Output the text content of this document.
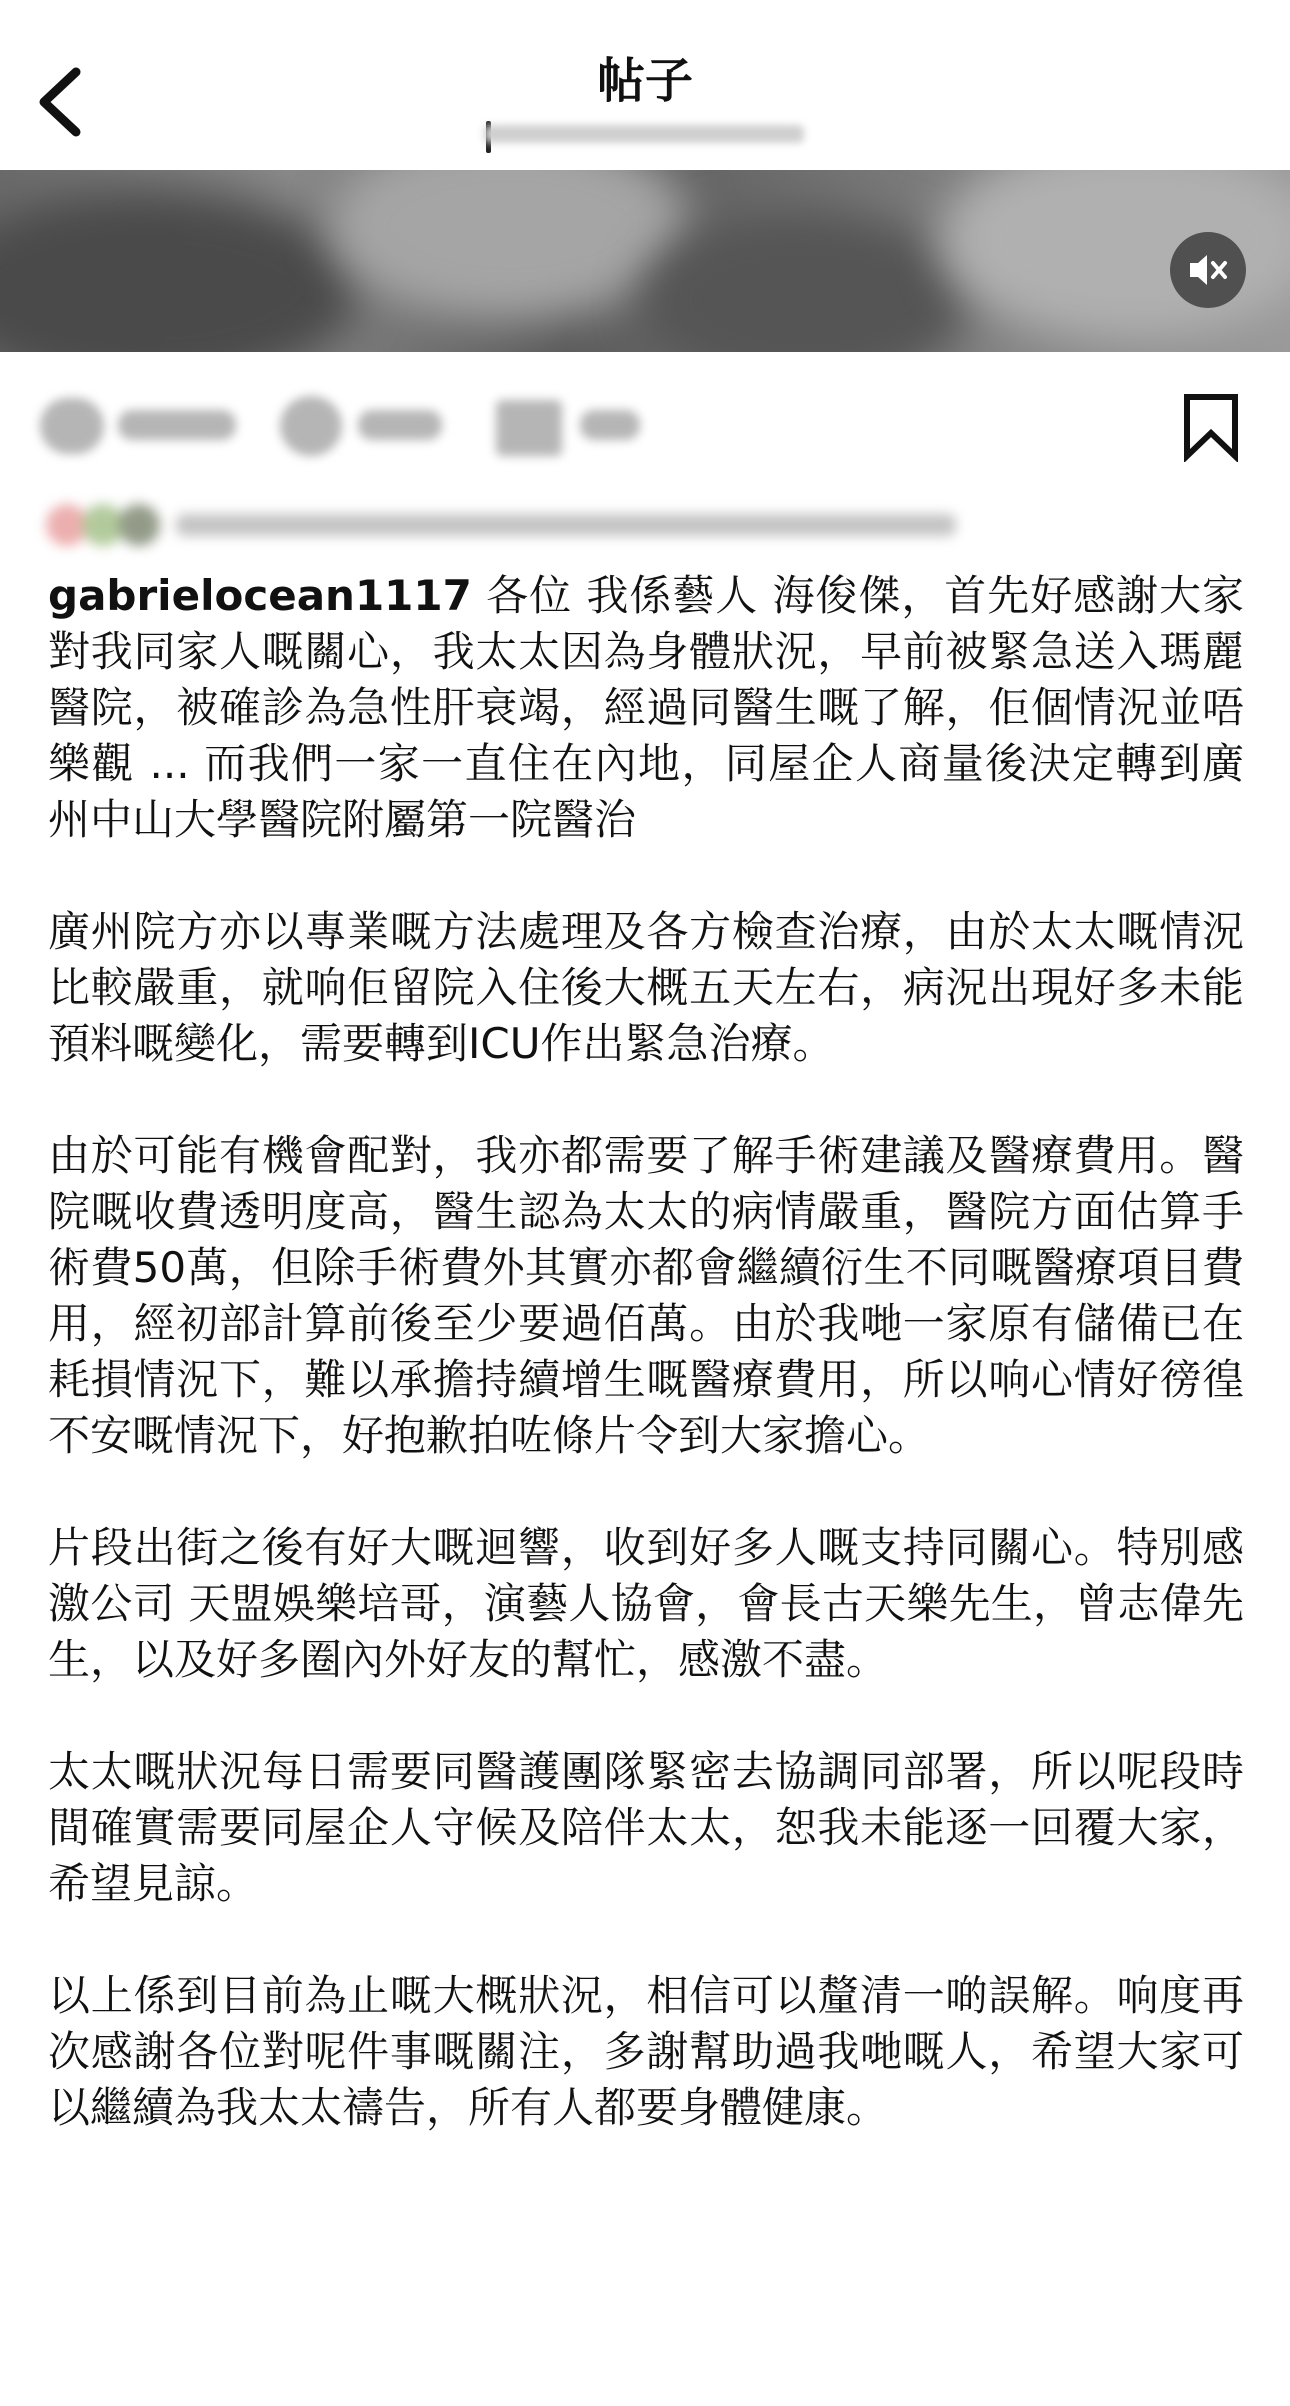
帖子

gabrielocean1117 各位 我係藝人 海俊傑，首先好感謝大家對我同家人嘅關心，我太太因為身體狀況，早前被緊急送入瑪麗醫院，被確診為急性肝衰竭，經過同醫生嘅了解，佢個情況並唔樂觀 ... 而我們一家一直住在內地，同屋企人商量後決定轉到廣州中山大學醫院附屬第一院醫治

廣州院方亦以專業嘅方法處理及各方檢查治療，由於太太嘅情況比較嚴重，就响佢留院入住後大概五天左右，病況出現好多未能預料嘅變化，需要轉到ICU作出緊急治療。

由於可能有機會配對，我亦都需要了解手術建議及醫療費用。醫院嘅收費透明度高，醫生認為太太的病情嚴重，醫院方面估算手術費50萬，但除手術費外其實亦都會繼續衍生不同嘅醫療項目費用，經初部計算前後至少要過佰萬。由於我哋一家原有儲備已在耗損情況下，難以承擔持續增生嘅醫療費用，所以响心情好徬徨不安嘅情況下，好抱歉拍咗條片令到大家擔心。

片段出街之後有好大嘅迴響，收到好多人嘅支持同關心。特別感激公司 天盟娛樂培哥，演藝人協會，會長古天樂先生，曾志偉先生，以及好多圈內外好友的幫忙，感激不盡。

太太嘅狀況每日需要同醫護團隊緊密去協調同部署，所以呢段時間確實需要同屋企人守候及陪伴太太，恕我未能逐一回覆大家，希望見諒。

以上係到目前為止嘅大概狀況，相信可以釐清一啲誤解。响度再次感謝各位對呢件事嘅關注，多謝幫助過我哋嘅人，希望大家可以繼續為我太太禱告，所有人都要身體健康。
